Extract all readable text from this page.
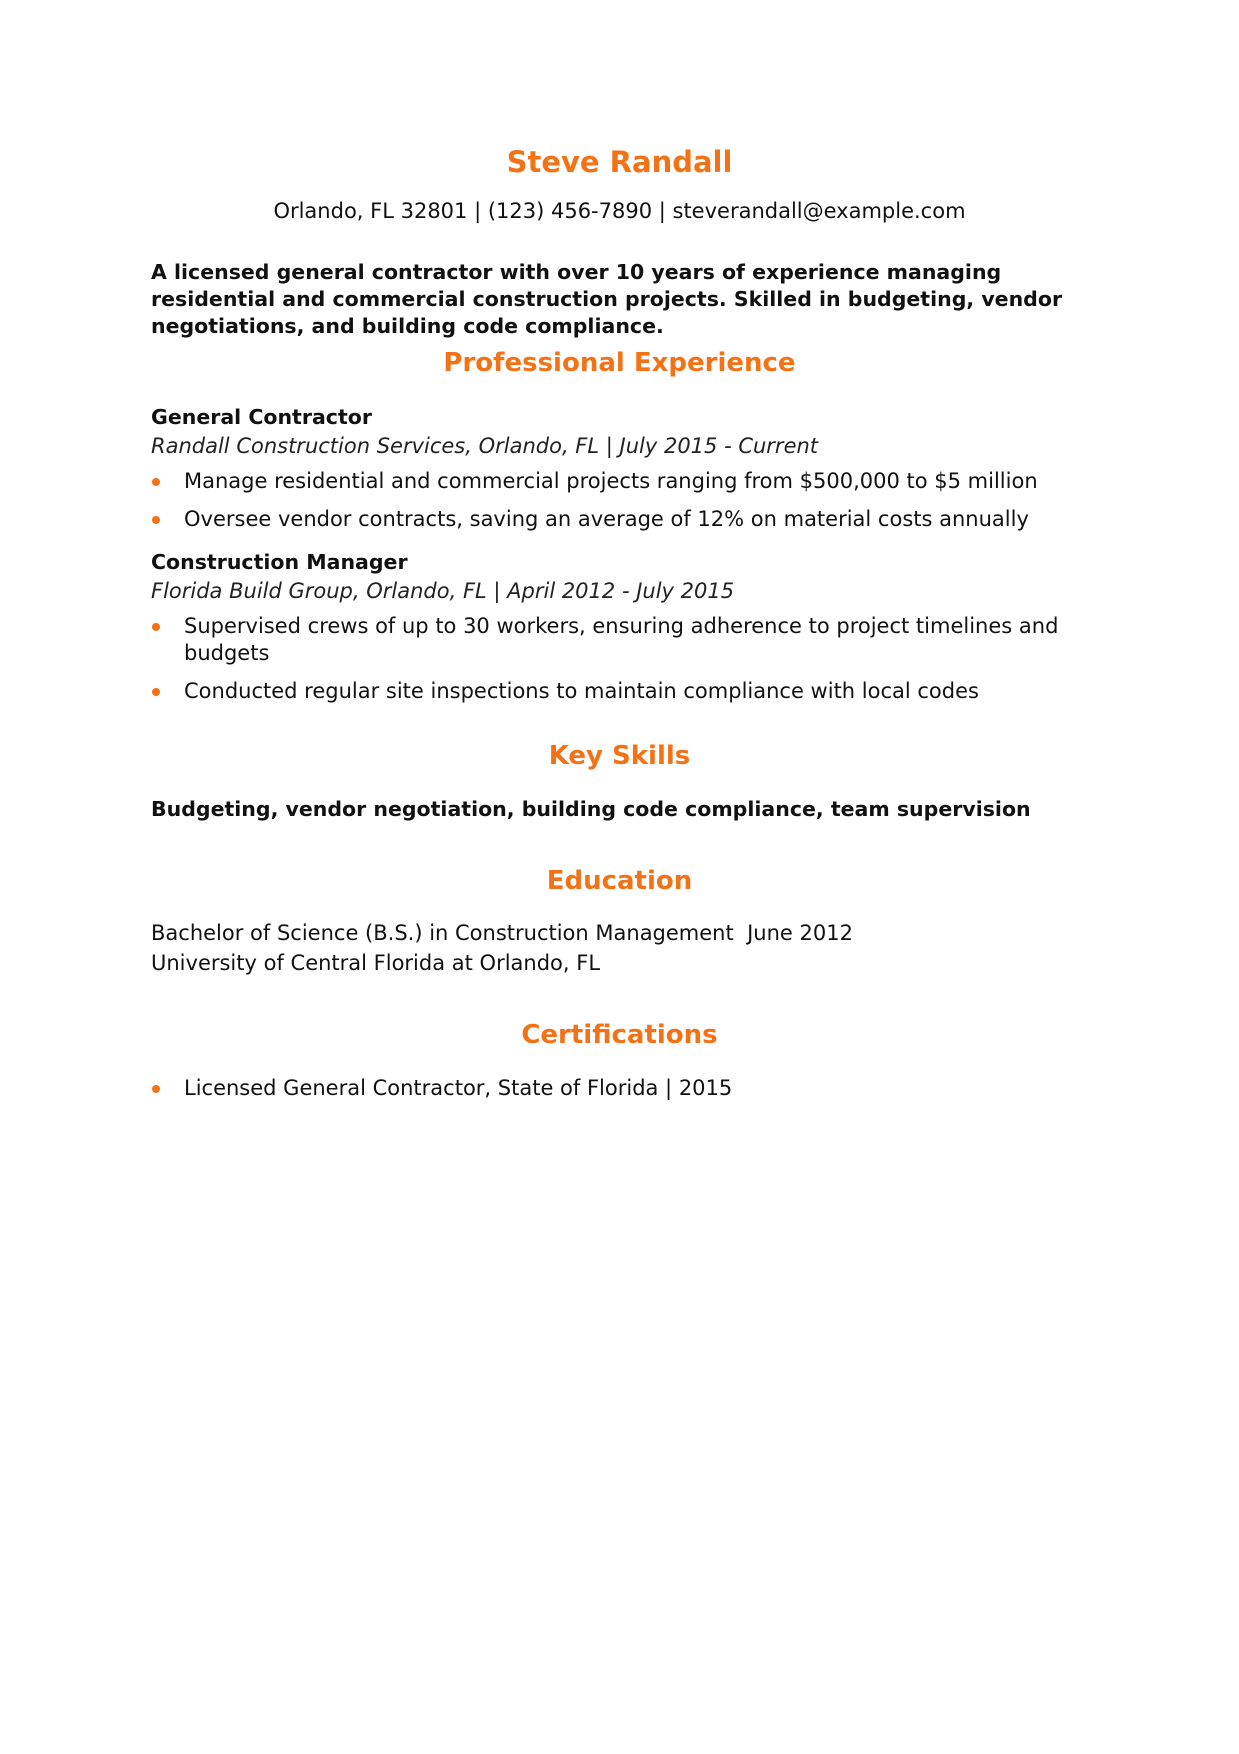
Steve Randall
Orlando, FL 32801 | (123) 456-7890 | steverandall@example.com
A licensed general contractor with over 10 years of experience managing residential and commercial construction projects. Skilled in budgeting, vendor negotiations, and building code compliance.
Professional Experience
General Contractor
Randall Construction Services, Orlando, FL | July 2015 - Current
Manage residential and commercial projects ranging from $500,000 to $5 million
Oversee vendor contracts, saving an average of 12% on material costs annually
Construction Manager
Florida Build Group, Orlando, FL | April 2012 - July 2015
Supervised crews of up to 30 workers, ensuring adherence to project timelines and budgets
Conducted regular site inspections to maintain compliance with local codes
Key Skills
Budgeting, vendor negotiation, building code compliance, team supervision
Education
Bachelor of Science (B.S.) in Construction Management June 2012
University of Central Florida at Orlando, FL
Certifications
Licensed General Contractor, State of Florida | 2015
